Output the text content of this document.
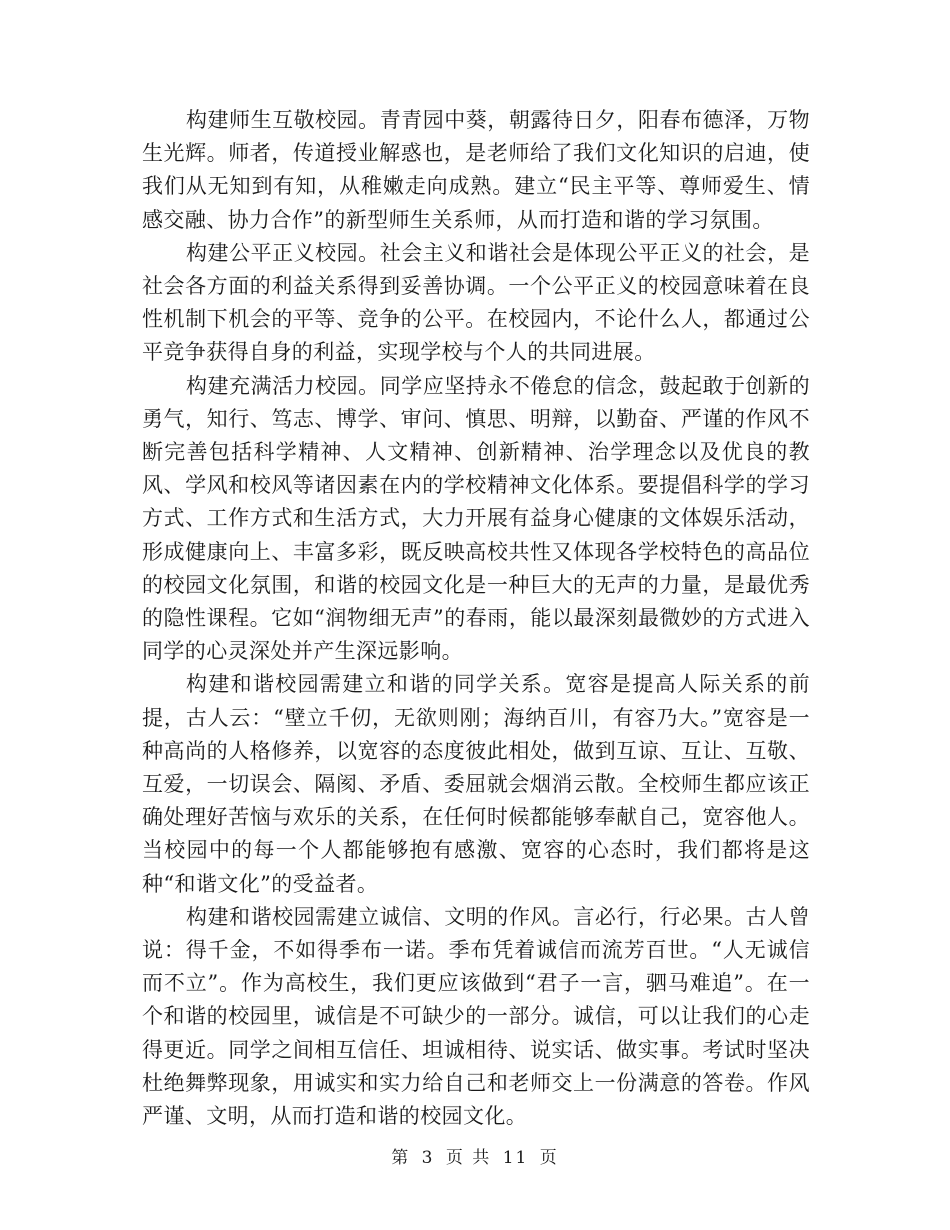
构建师生互敬校园。青青园中葵，朝露待日夕，阳春布德泽，万物生光辉。师者，传道授业解惑也，是老师给了我们文化知识的启迪，使我们从无知到有知，从稚嫩走向成熟。建立“民主平等、尊师爱生、情感交融、协力合作”的新型师生关系师，从而打造和谐的学习氛围。

构建公平正义校园。社会主义和谐社会是体现公平正义的社会，是社会各方面的利益关系得到妥善协调。一个公平正义的校园意味着在良性机制下机会的平等、竞争的公平。在校园内，不论什么人，都通过公平竞争获得自身的利益，实现学校与个人的共同进展。

构建充满活力校园。同学应坚持永不倦怠的信念，鼓起敢于创新的勇气，知行、笃志、博学、审问、慎思、明辩，以勤奋、严谨的作风不断完善包括科学精神、人文精神、创新精神、治学理念以及优良的教风、学风和校风等诸因素在内的学校精神文化体系。要提倡科学的学习方式、工作方式和生活方式，大力开展有益身心健康的文体娱乐活动，形成健康向上、丰富多彩，既反映高校共性又体现各学校特色的高品位的校园文化氛围，和谐的校园文化是一种巨大的无声的力量，是最优秀的隐性课程。它如“润物细无声”的春雨，能以最深刻最微妙的方式进入同学的心灵深处并产生深远影响。

构建和谐校园需建立和谐的同学关系。宽容是提高人际关系的前提，古人云：“壁立千仞，无欲则刚；海纳百川，有容乃大。”宽容是一种高尚的人格修养，以宽容的态度彼此相处，做到互谅、互让、互敬、互爱，一切误会、隔阂、矛盾、委屈就会烟消云散。全校师生都应该正确处理好苦恼与欢乐的关系，在任何时候都能够奉献自己，宽容他人。当校园中的每一个人都能够抱有感激、宽容的心态时，我们都将是这种“和谐文化”的受益者。

构建和谐校园需建立诚信、文明的作风。言必行，行必果。古人曾说：得千金，不如得季布一诺。季布凭着诚信而流芳百世。“人无诚信而不立”。作为高校生，我们更应该做到“君子一言，驷马难追”。在一个和谐的校园里，诚信是不可缺少的一部分。诚信，可以让我们的心走得更近。同学之间相互信任、坦诚相待、说实话、做实事。考试时坚决杜绝舞弊现象，用诚实和实力给自己和老师交上一份满意的答卷。作风严谨、文明，从而打造和谐的校园文化。

第 3 页 共 11 页
